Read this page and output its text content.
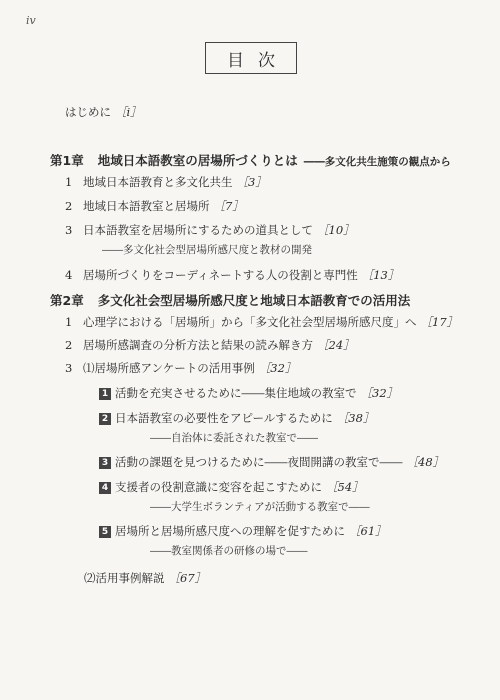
iv
目次
はじめに ［i］
第1章 地域日本語教室の居場所づくりとは ――多文化共生施策の観点から
1 地域日本語教育と多文化共生 ［3］
2 地域日本語教室と居場所 ［7］
3 日本語教室を居場所にするための道具として ［10］
――多文化社会型居場所感尺度と教材の開発
4 居場所づくりをコーディネートする人の役割と専門性 ［13］
第2章 多文化社会型居場所感尺度と地域日本語教育での活用法
1 心理学における「居場所」から「多文化社会型居場所感尺度」へ ［17］
2 居場所感調査の分析方法と結果の読み解き方 ［24］
3 ⑴居場所感アンケートの活用事例 ［32］
1 活動を充実させるために――集住地域の教室で ［32］
2 日本語教室の必要性をアピールするために ［38］
――自治体に委託された教室で――
3 活動の課題を見つけるために――夜間開講の教室で―― ［48］
4 支援者の役割意識に変容を起こすために ［54］
――大学生ボランティアが活動する教室で――
5 居場所と居場所感尺度への理解を促すために ［61］
――教室関係者の研修の場で――
⑵活用事例解説 ［67］
